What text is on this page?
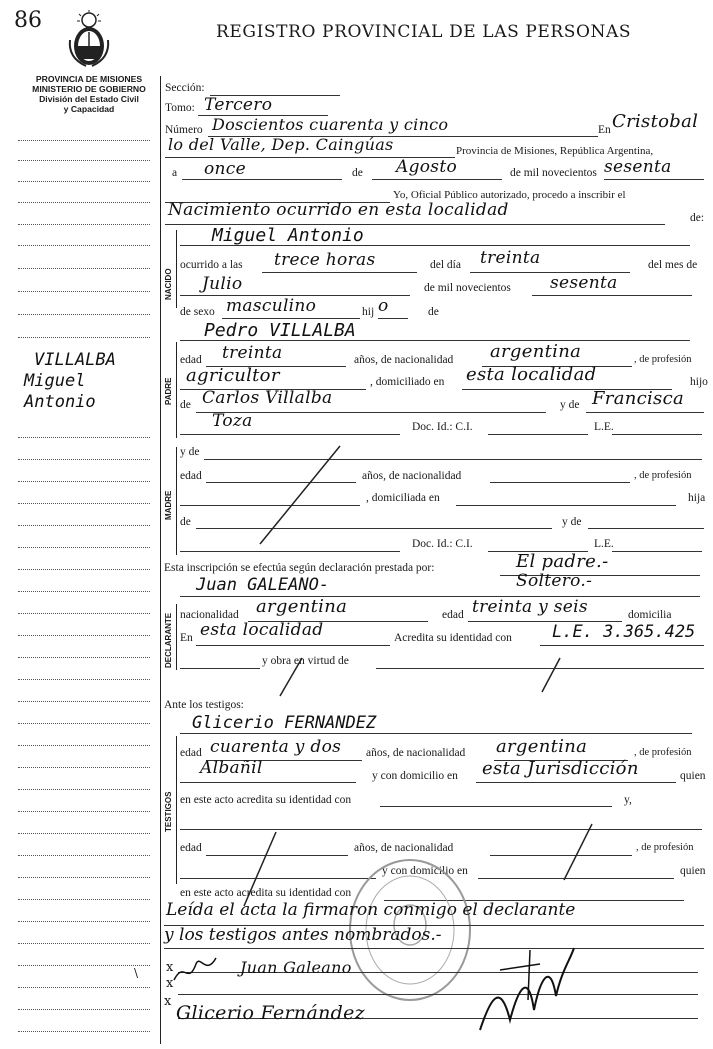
86	REGISTRO PROVINCIAL DE LAS PERSONAS
PROVINCIA DE MISIONES
MINISTERIO DE GOBIERNO
División del Estado Civil
y Capacidad
VILLALBA
Miguel
Antonio
NACIDO
PADRE
MADRE
DECLARANTE
TESTIGOS
Sección:
Tomo: Tercero
Número Doscientos cuarenta y cinco	En Cristobal
lo del Valle, Dep. Caingúas	Provincia de Misiones, República Argentina,
a once	de Agosto	de mil novecientos sesenta
Yo, Oficial Público autorizado, procedo a inscribir el
Nacimiento ocurrido en esta localidad	de:
Miguel Antonio
ocurrido a las trece horas	del día treinta	del mes de
Julio	de mil novecientos sesenta
de sexo masculino	hij o	de
Pedro VILLALBA
edad treinta	años, de nacionalidad argentina	, de profesión
agricultor	, domiciliado en esta localidad	hijo
de Carlos Villalba	y de Francisca
Toza	Doc. Id.: C.I.	L.E.
y de
edad	años, de nacionalidad	, de profesión
, domiciliada en	hija
de	y de
Doc. Id.: C.I.	L.E.
Esta inscripción se efectúa según declaración prestada por:	El padre.-
Juan GALEANO-	Soltero.-
nacionalidad argentina	edad treinta y seis	domicilia
En esta localidad	Acredita su identidad con L.E. 3.365.425
y obra en virtud de
Ante los testigos:
Glicerio FERNANDEZ
edad cuarenta y dos años, de nacionalidad argentina	, de profesión
Albañil	y con domicilio en esta Jurisdicción	quien
en este acto acredita su identidad con	y,
edad	años, de nacionalidad	, de profesión
y con domicilio en	quien
en este acto acredita su identidad con
Leída el acta la firmaron conmigo el declarante
y los testigos antes nombrados.-
x
x
x
Juan Galeano
Glicerio Fernández
\
